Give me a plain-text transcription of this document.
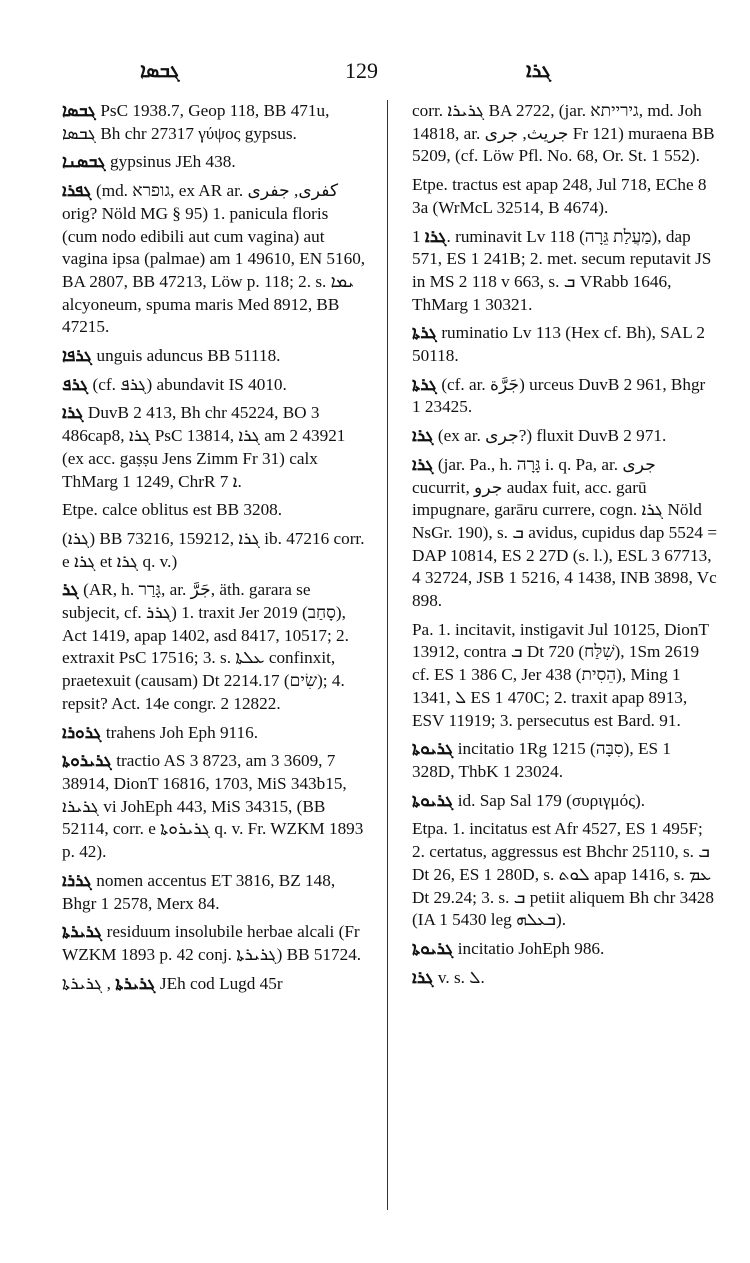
ܓܒܣܐ	129	ܓܪܐ

ܓܒܣܐ PsC 1938.7, Geop 118, BB 471u, ܓܒܣܐ Bh chr 27317 γύψος gypsus.

ܓܒܣܢܐ gypsinus JEh 438.

ܓܦܪܐ (md. גופרא, ex AR ar. كفرى, جفرى orig? Nöld MG § 95) 1. panicula floris (cum nodo edibili aut cum vagina) aut vagina ipsa (palmae) am 1 49610, EN 5160, BA 2807, BB 47213, Löw p. 118; 2. s. ܝܡܐ alcyoneum, spuma maris Med 8912, BB 47215.

ܓܪܦܐ unguis aduncus BB 51118.

ܓܪܦ (cf. ܓܪܦ) abundavit IS 4010.

ܓܪܐ DuvB 2 413, Bh chr 45224, BO 3 486cap8, ܓܪܐ PsC 13814, ܓܪܐ am 2 43921 (ex acc. gaṣṣu Jens Zimm Fr 31) calx ThMarg 1 1249, ChrR ܐ 7.

Etpe. calce oblitus est BB 3208.

(ܓܪܐ) BB 73216, 159212, ܓܪܐ ib. 47216 corr. e ܓܪܐ et ܓܪܐ q. v.)

ܓܪ (AR, h. גָּרַר, ar. جَرَّ, äth. garara se subjecit, cf. ܓܪܪ) 1. traxit Jer 2019 (סָחַב), Act 1419, apap 1402, asd 8417, 10517; 2. extraxit PsC 17516; 3. s. ܥܠܬܐ confinxit, praetexuit (causam) Dt 2214.17 (שִׂים); 4. repsit? Act. 14e congr. 2 12822.

ܓܪܘܪܐ trahens Joh Eph 9116.

ܓܪܝܪܘܬܐ tractio AS 3 8723, am 3 3609, 7 38914, DionT 16816, 1703, MiS 343b15, ܓܪܝܪܐ vi JohEph 443, MiS 34315, (BB 52114, corr. e ܓܪܝܪܘܬܐ q. v. Fr. WZKM 1893 p. 42).

ܓܪܪܐ nomen accentus ET 3816, BZ 148, Bhgr 1 2578, Merx 84.

ܓܪܝܪܬܐ residuum insolubile herbae alcali (Fr WZKM 1893 p. 42 conj. ܓܪܝܪܬܐ) BB 51724.

ܓܪܝܪܬܐ , ܓܪܝܪܬܐ JEh cod Lugd 45r

corr. ܓܪܝܪܐ BA 2722, (jar. גירייתא, md. Joh 14818, ar. جريث, جرى Fr 121) muraena BB 5209, (cf. Löw Pfl. No. 68, Or. St. 1 552).

Etpe. tractus est apap 248, Jul 718, EChe 8 3a (WrMcL 32514, B 4674).

ܓܪܐ 1. ruminavit Lv 118 (מַעֲלַת גֵּרָה), dap 571, ES 1 241B; 2. met. secum reputavit JS in MS 2 118 v 663, s. ܒ VRabb 1646, ThMarg 1 30321.

ܓܪܬܐ ruminatio Lv 113 (Hex cf. Bh), SAL 2 50118.

ܓܪܬܐ (cf. ar. جَرَّة) urceus DuvB 2 961, Bhgr 1 23425.

ܓܪܐ (ex ar. جرى?) fluxit DuvB 2 971.

ܓܪܐ (jar. Pa., h. גָּרָה i. q. Pa, ar. جرى cucurrit, جرو audax fuit, acc. garū impugnare, garāru currere, cogn. ܓܪܐ Nöld NsGr. 190), s. ܒ avidus, cupidus dap 5524 = DAP 10814, ES 2 27D (s. l.), ESL 3 67713, 4 32724, JSB 1 5216, 4 1438, INB 3898, Vc 898.

Pa. 1. incitavit, instigavit Jul 10125, DionT 13912, contra ܒ Dt 720 (שִׁלַּח), 1Sm 2619 cf. ES 1 386 C, Jer 438 (הֵסִית), Ming 1 1341, ܠ ES 1 470C; 2. traxit apap 8913, ESV 11919; 3. persecutus est Bard. 91.

ܓܪܝܘܬܐ incitatio 1Rg 1215 (סִבָּה), ES 1 328D, ThbK 1 23024.

ܓܪܝܘܬܐ id. Sap Sal 179 (συριγμός).

Etpa. 1. incitatus est Afr 4527, ES 1 495F; 2. certatus, aggressus est Bhchr 25110, s. ܒ Dt 26, ES 1 280D, s. ܠܘܬ apap 1416, s. ܥܡ Dt 29.24; 3. s. ܒ petiit aliquem Bh chr 3428 (IA 1 5430 leg ܒܥܠܗ).

ܓܪܝܘܬܐ incitatio JohEph 986.

ܓܪܐ v. s. ܠ.
